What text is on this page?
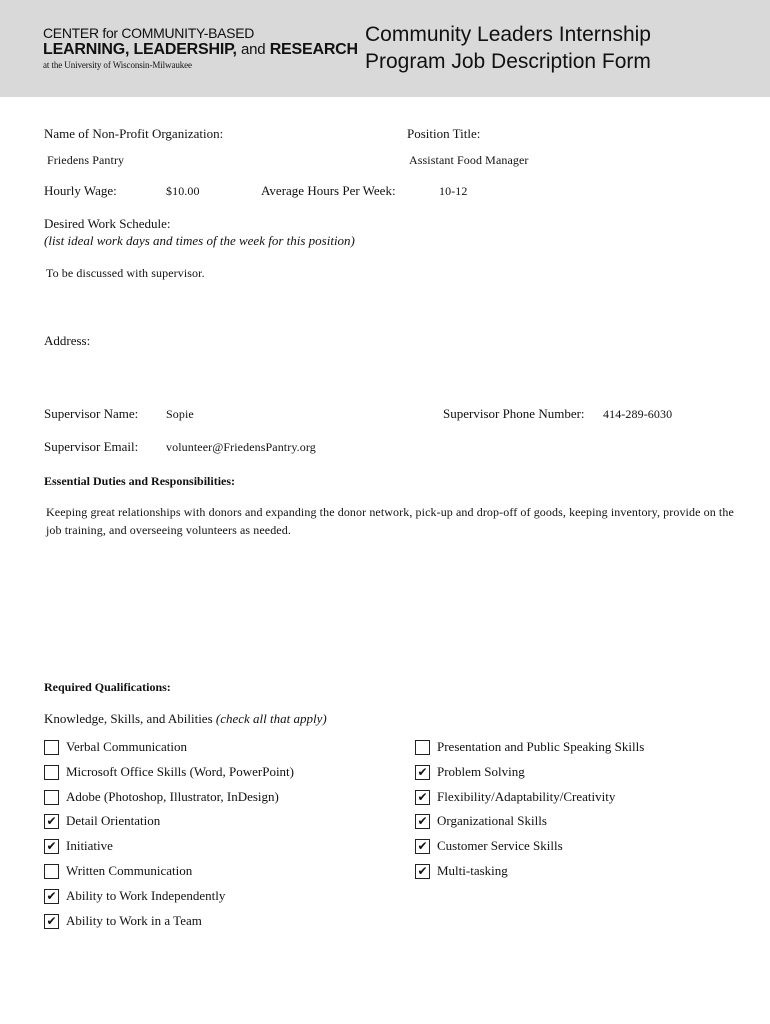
CENTER for COMMUNITY-BASED
LEARNING, LEADERSHIP, and RESEARCH
at the University of Wisconsin-Milwaukee
Community Leaders Internship
Program Job Description Form
Name of Non-Profit Organization:
Friedens Pantry
Position Title:
Assistant Food Manager
Hourly Wage:	$10.00	Average Hours Per Week:	10-12
Desired Work Schedule:
(list ideal work days and times of the week for this position)
To be discussed with supervisor.
Address:
Supervisor Name: Sopie	Supervisor Phone Number: 414-289-6030
Supervisor Email: volunteer@FriedensPantry.org
Essential Duties and Responsibilities:
Keeping great relationships with donors and expanding the donor network, pick-up and drop-off of goods, keeping inventory, provide on the job training, and overseeing volunteers as needed.
Required Qualifications:
Knowledge, Skills, and Abilities (check all that apply)
Verbal Communication
Microsoft Office Skills (Word, PowerPoint)
Adobe (Photoshop, Illustrator, InDesign)
✔ Detail Orientation
✔ Initiative
Written Communication
✔ Ability to Work Independently
✔ Ability to Work in a Team
Presentation and Public Speaking Skills
✔ Problem Solving
✔ Flexibility/Adaptability/Creativity
✔ Organizational Skills
✔ Customer Service Skills
✔ Multi-tasking
